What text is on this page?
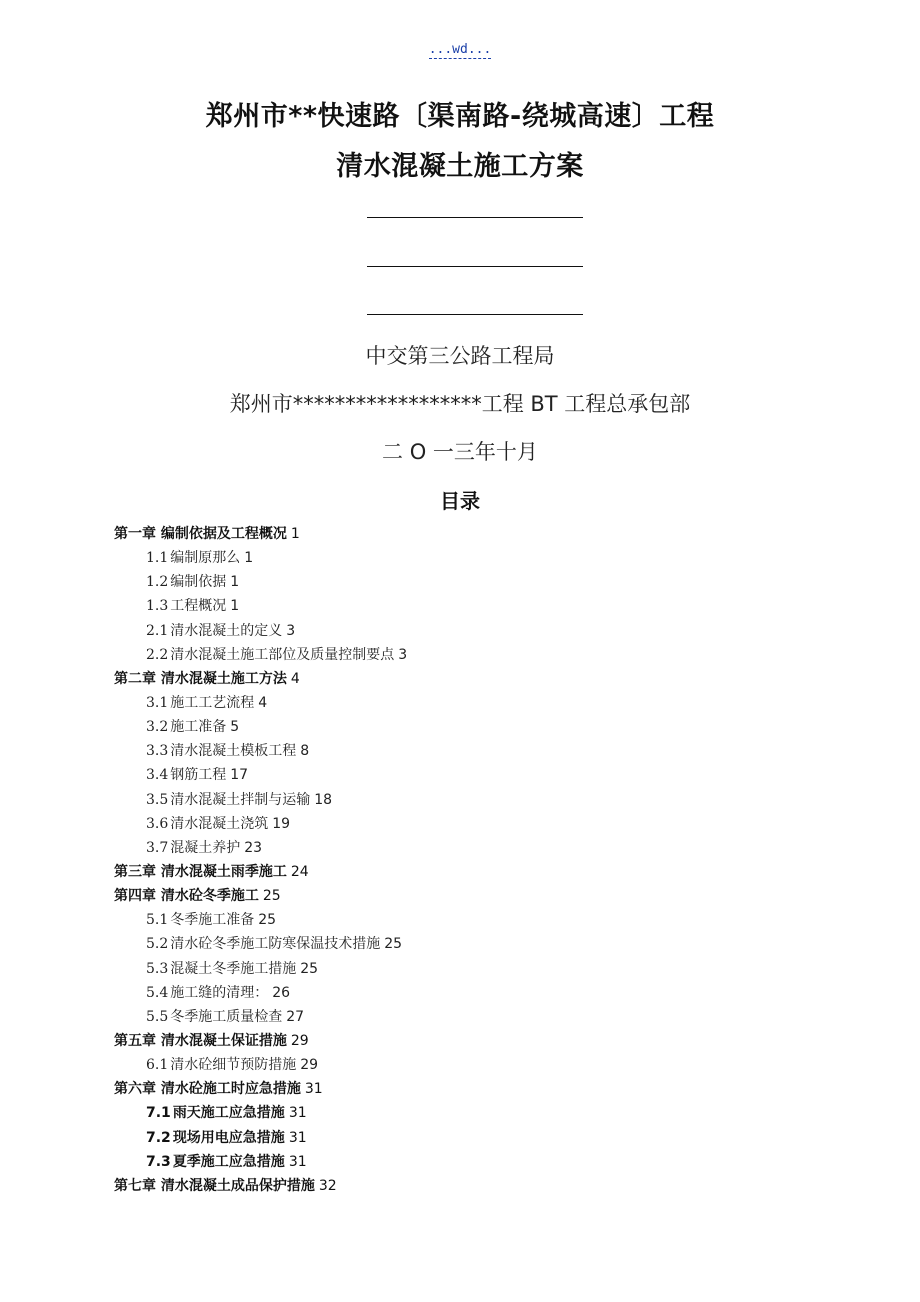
...wd...
郑州市**快速路〔渠南路-绕城高速〕工程
清水混凝土施工方案
中交第三公路工程局
郑州市******************工程 BT 工程总承包部
二 O 一三年十月
目录
第一章 编制依据及工程概况 1
1.1 编制原那么 1
1.2 编制依据 1
1.3 工程概况 1
2.1 清水混凝土的定义 3
2.2 清水混凝土施工部位及质量控制要点 3
第二章 清水混凝土施工方法 4
3.1 施工工艺流程 4
3.2 施工准备 5
3.3 清水混凝土模板工程 8
3.4 钢筋工程 17
3.5 清水混凝土拌制与运输 18
3.6 清水混凝土浇筑 19
3.7 混凝土养护 23
第三章 清水混凝土雨季施工 24
第四章 清水砼冬季施工 25
5.1 冬季施工准备 25
5.2 清水砼冬季施工防寒保温技术措施 25
5.3 混凝土冬季施工措施 25
5.4 施工缝的清理： 26
5.5 冬季施工质量检查 27
第五章 清水混凝土保证措施 29
6.1 清水砼细节预防措施 29
第六章 清水砼施工时应急措施 31
7.1 雨天施工应急措施 31
7.2 现场用电应急措施 31
7.3 夏季施工应急措施 31
第七章 清水混凝土成品保护措施 32
